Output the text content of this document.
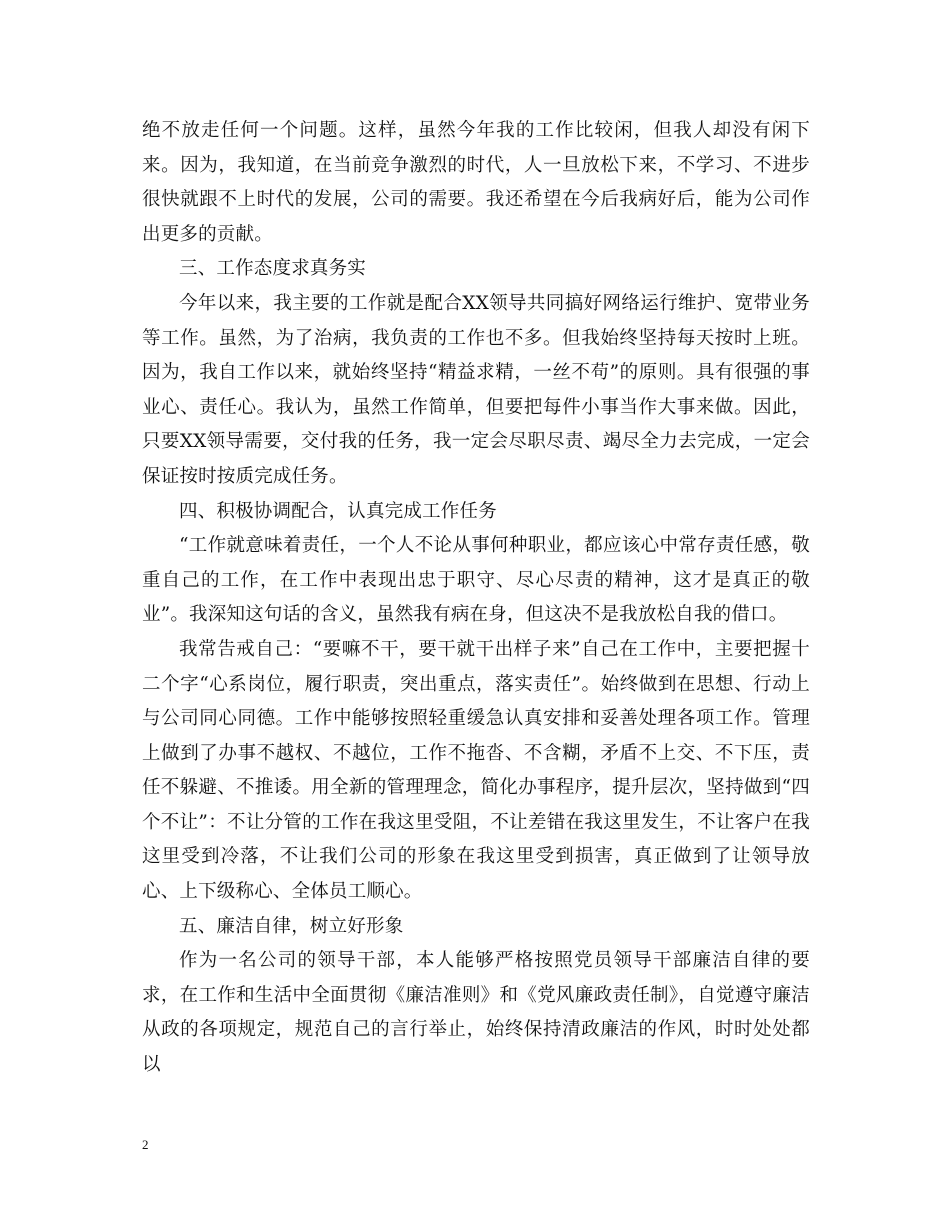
绝不放走任何一个问题。这样，虽然今年我的工作比较闲，但我人却没有闲下来。因为，我知道，在当前竞争激烈的时代，人一旦放松下来，不学习、不进步很快就跟不上时代的发展，公司的需要。我还希望在今后我病好后，能为公司作出更多的贡献。

三、工作态度求真务实

今年以来，我主要的工作就是配合XX领导共同搞好网络运行维护、宽带业务等工作。虽然，为了治病，我负责的工作也不多。但我始终坚持每天按时上班。因为，我自工作以来，就始终坚持“精益求精，一丝不苟”的原则。具有很强的事业心、责任心。我认为，虽然工作简单，但要把每件小事当作大事来做。因此，只要XX领导需要，交付我的任务，我一定会尽职尽责、竭尽全力去完成，一定会保证按时按质完成任务。

四、积极协调配合，认真完成工作任务

“工作就意味着责任，一个人不论从事何种职业，都应该心中常存责任感，敬重自己的工作，在工作中表现出忠于职守、尽心尽责的精神，这才是真正的敬业”。我深知这句话的含义，虽然我有病在身，但这决不是我放松自我的借口。

我常告戒自己：“要嘛不干，要干就干出样子来”自己在工作中，主要把握十二个字“心系岗位，履行职责，突出重点，落实责任”。始终做到在思想、行动上与公司同心同德。工作中能够按照轻重缓急认真安排和妥善处理各项工作。管理上做到了办事不越权、不越位，工作不拖沓、不含糊，矛盾不上交、不下压，责任不躲避、不推诿。用全新的管理理念，简化办事程序，提升层次，坚持做到“四个不让”：不让分管的工作在我这里受阻，不让差错在我这里发生，不让客户在我这里受到冷落，不让我们公司的形象在我这里受到损害，真正做到了让领导放心、上下级称心、全体员工顺心。

五、廉洁自律，树立好形象

作为一名公司的领导干部，本人能够严格按照党员领导干部廉洁自律的要求，在工作和生活中全面贯彻《廉洁准则》和《党风廉政责任制》，自觉遵守廉洁从政的各项规定，规范自己的言行举止，始终保持清政廉洁的作风，时时处处都以

2
